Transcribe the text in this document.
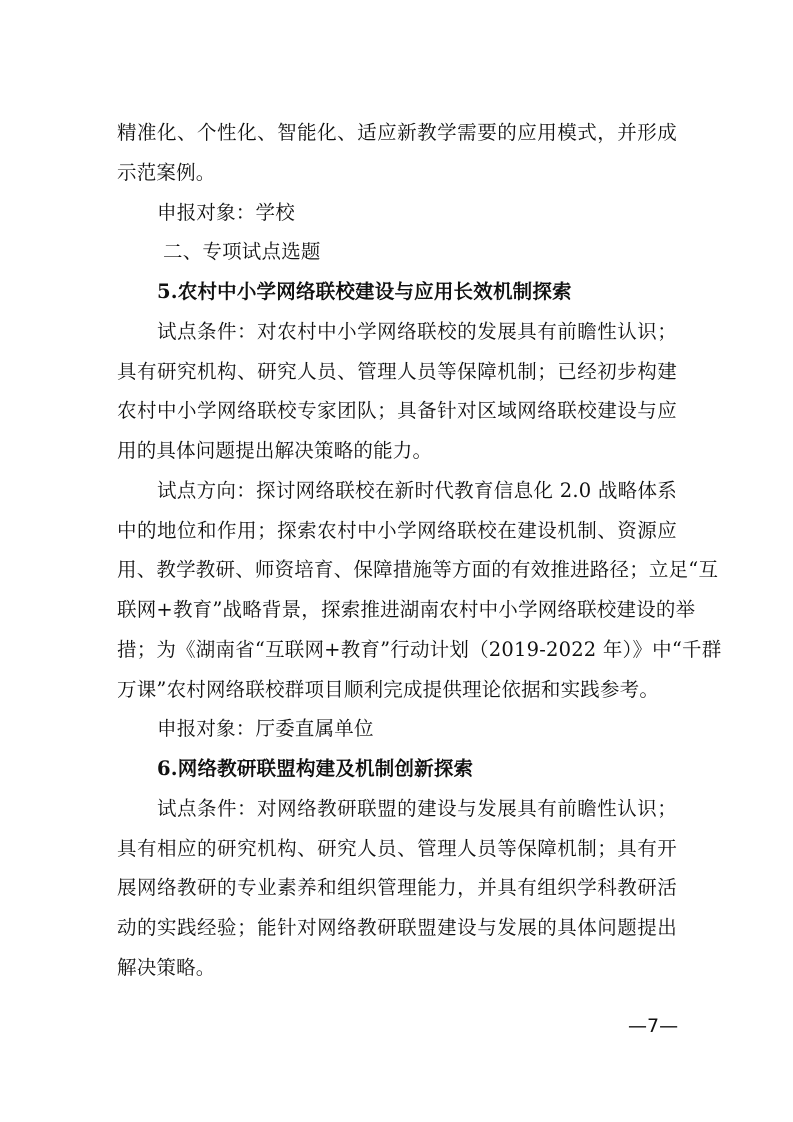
精准化、个性化、智能化、适应新教学需要的应用模式，并形成
示范案例。
申报对象：学校
二、专项试点选题
5.农村中小学网络联校建设与应用长效机制探索
试点条件：对农村中小学网络联校的发展具有前瞻性认识；
具有研究机构、研究人员、管理人员等保障机制；已经初步构建
农村中小学网络联校专家团队；具备针对区域网络联校建设与应
用的具体问题提出解决策略的能力。
试点方向：探讨网络联校在新时代教育信息化 2.0 战略体系
中的地位和作用；探索农村中小学网络联校在建设机制、资源应
用、教学教研、师资培育、保障措施等方面的有效推进路径；立足“互
联网+教育”战略背景，探索推进湖南农村中小学网络联校建设的举
措；为《湖南省“互联网+教育”行动计划（2019-2022 年）》中“千群
万课”农村网络联校群项目顺利完成提供理论依据和实践参考。
申报对象：厅委直属单位
6.网络教研联盟构建及机制创新探索
试点条件：对网络教研联盟的建设与发展具有前瞻性认识；
具有相应的研究机构、研究人员、管理人员等保障机制；具有开
展网络教研的专业素养和组织管理能力，并具有组织学科教研活
动的实践经验；能针对网络教研联盟建设与发展的具体问题提出
解决策略。
—7—
